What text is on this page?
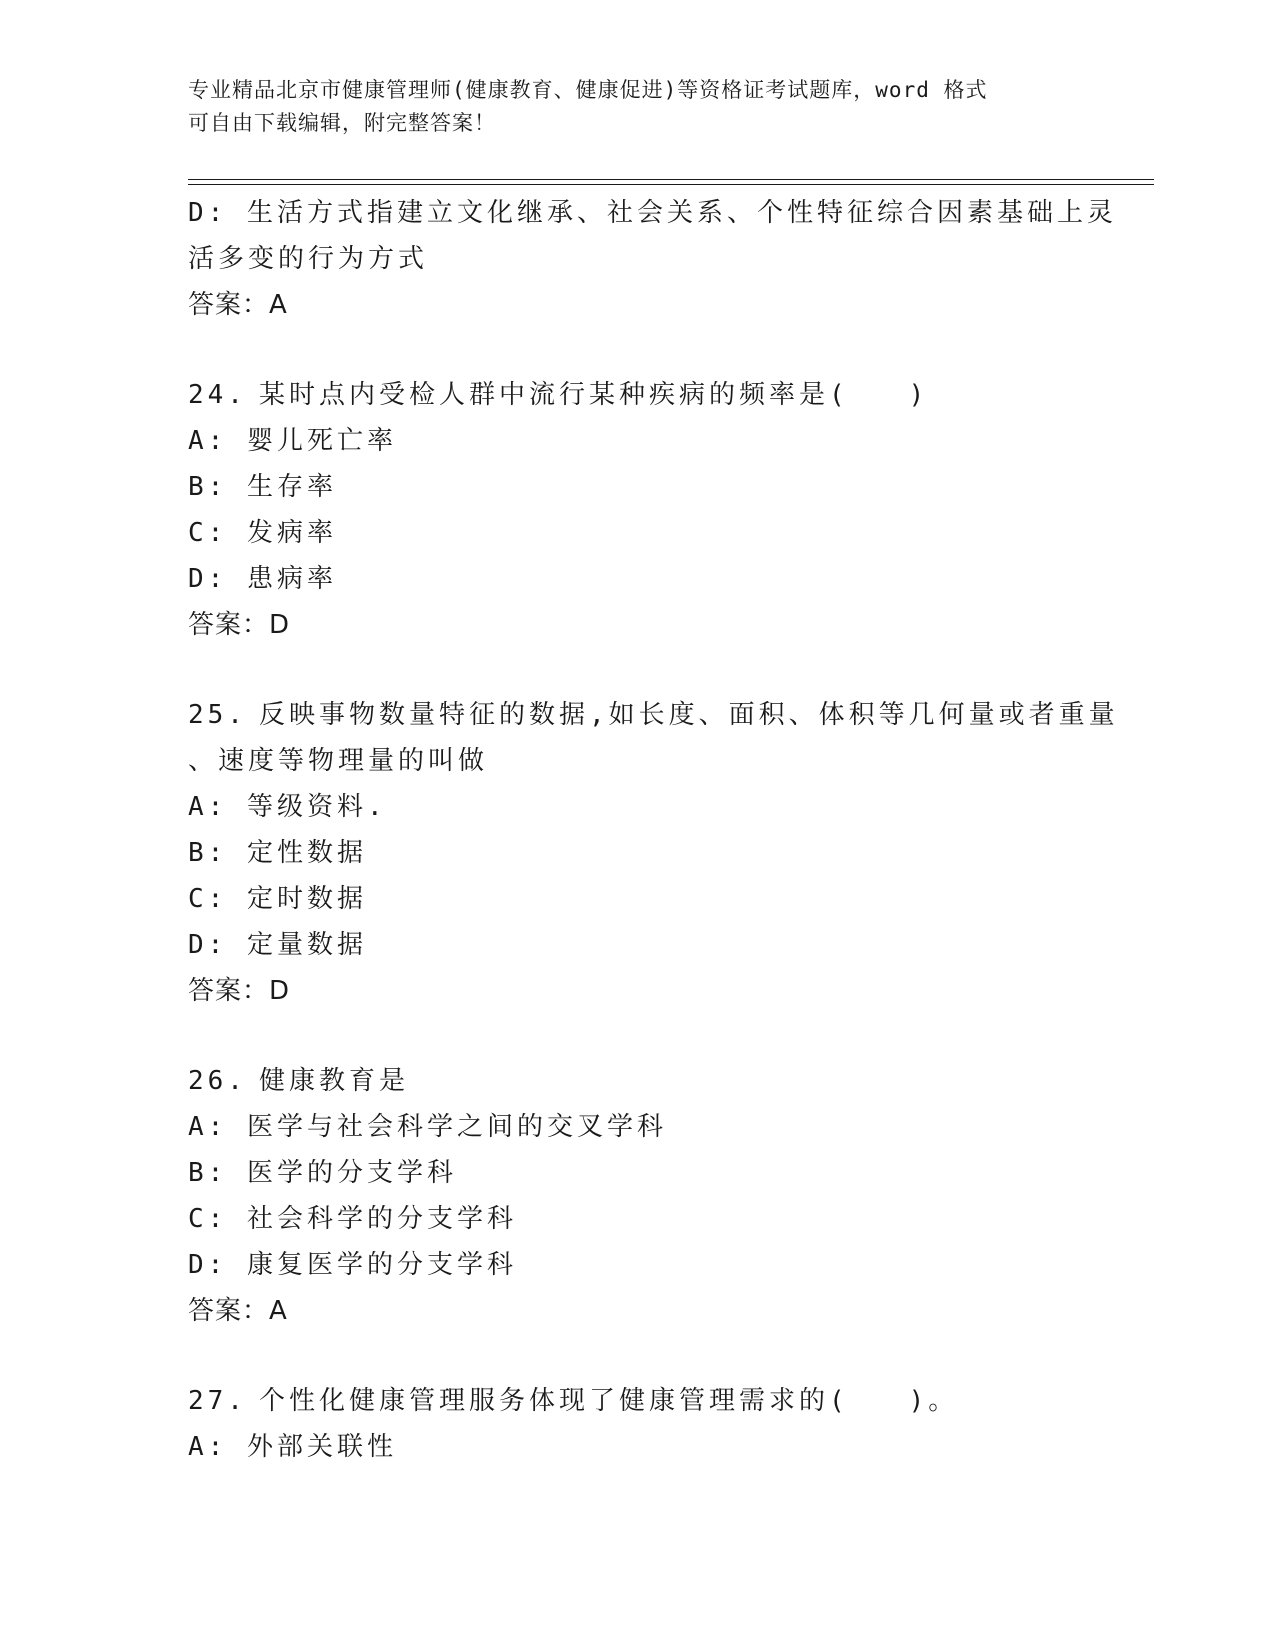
专业精品北京市健康管理师(健康教育、健康促进)等资格证考试题库，word 格式
可自由下载编辑，附完整答案！
D: 生活方式指建立文化继承、社会关系、个性特征综合因素基础上灵
活多变的行为方式
答案：A
24. 某时点内受检人群中流行某种疾病的频率是(　　)
A: 婴儿死亡率
B: 生存率
C: 发病率
D: 患病率
答案：D
25. 反映事物数量特征的数据,如长度、面积、体积等几何量或者重量
、速度等物理量的叫做
A: 等级资料.
B: 定性数据
C: 定时数据
D: 定量数据
答案：D
26. 健康教育是
A: 医学与社会科学之间的交叉学科
B: 医学的分支学科
C: 社会科学的分支学科
D: 康复医学的分支学科
答案：A
27. 个性化健康管理服务体现了健康管理需求的(　　)。
A: 外部关联性
